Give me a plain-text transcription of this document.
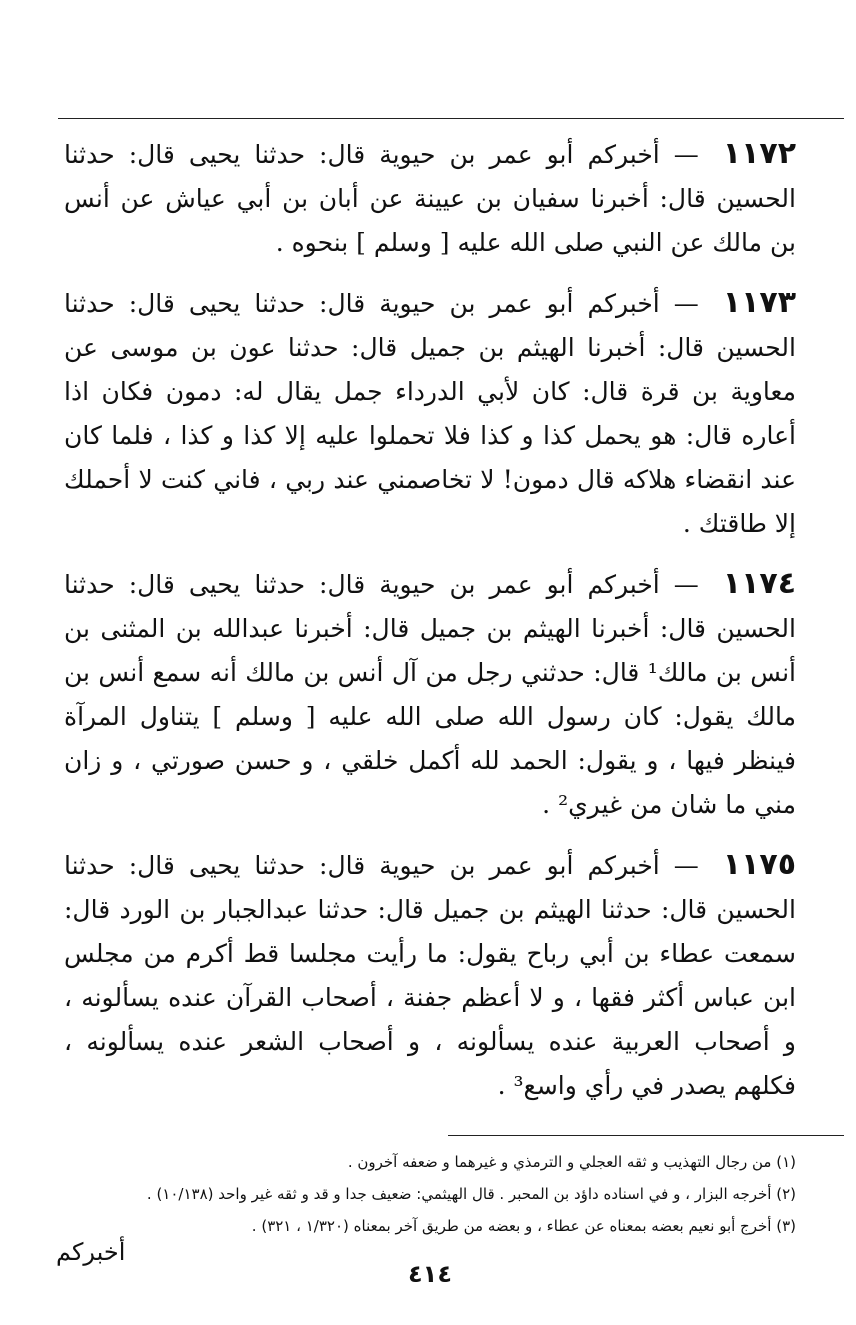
١١٧٢ — أخبركم أبو عمر بن حيوية قال: حدثنا يحيى قال: حدثنا الحسين قال: أخبرنا سفيان بن عيينة عن أبان بن أبي عياش عن أنس بن مالك عن النبي صلى الله عليه [ وسلم ] بنحوه .

١١٧٣ — أخبركم أبو عمر بن حيوية قال: حدثنا يحيى قال: حدثنا الحسين قال: أخبرنا الهيثم بن جميل قال: حدثنا عون بن موسى عن معاوية بن قرة قال: كان لأبي الدرداء جمل يقال له: دمون فكان اذا أعاره قال: هو يحمل كذا و كذا فلا تحملوا عليه إلا كذا و كذا ، فلما كان عند انقضاء هلاكه قال دمون! لا تخاصمني عند ربي ، فاني كنت لا أحملك إلا طاقتك .

١١٧٤ — أخبركم أبو عمر بن حيوية قال: حدثنا يحيى قال: حدثنا الحسين قال: أخبرنا الهيثم بن جميل قال: أخبرنا عبدالله بن المثنى بن أنس بن مالك¹ قال: حدثني رجل من آل أنس بن مالك أنه سمع أنس بن مالك يقول: كان رسول الله صلى الله عليه [ وسلم ] يتناول المرآة فينظر فيها ، و يقول: الحمد لله أكمل خلقي ، و حسن صورتي ، و زان مني ما شان من غيري² .

١١٧٥ — أخبركم أبو عمر بن حيوية قال: حدثنا يحيى قال: حدثنا الحسين قال: حدثنا الهيثم بن جميل قال: حدثنا عبدالجبار بن الورد قال: سمعت عطاء بن أبي رباح يقول: ما رأيت مجلسا قط أكرم من مجلس ابن عباس أكثر فقها ، و لا أعظم جفنة ، أصحاب القرآن عنده يسألونه ، و أصحاب العربية عنده يسألونه ، و أصحاب الشعر عنده يسألونه ، فكلهم يصدر في رأي واسع³ .

(١) من رجال التهذيب و ثقه العجلي و الترمذي و غيرهما و ضعفه آخرون .
(٢) أخرجه البزار ، و في اسناده داؤد بن المحبر . قال الهيثمي: ضعيف جدا و قد و ثقه غير واحد (١٠/١٣٨) .
(٣) أخرج أبو نعيم بعضه بمعناه عن عطاء ، و بعضه من طريق آخر بمعناه (١/٣٢٠ ، ٣٢١) .
أخبركم
٤١٤
